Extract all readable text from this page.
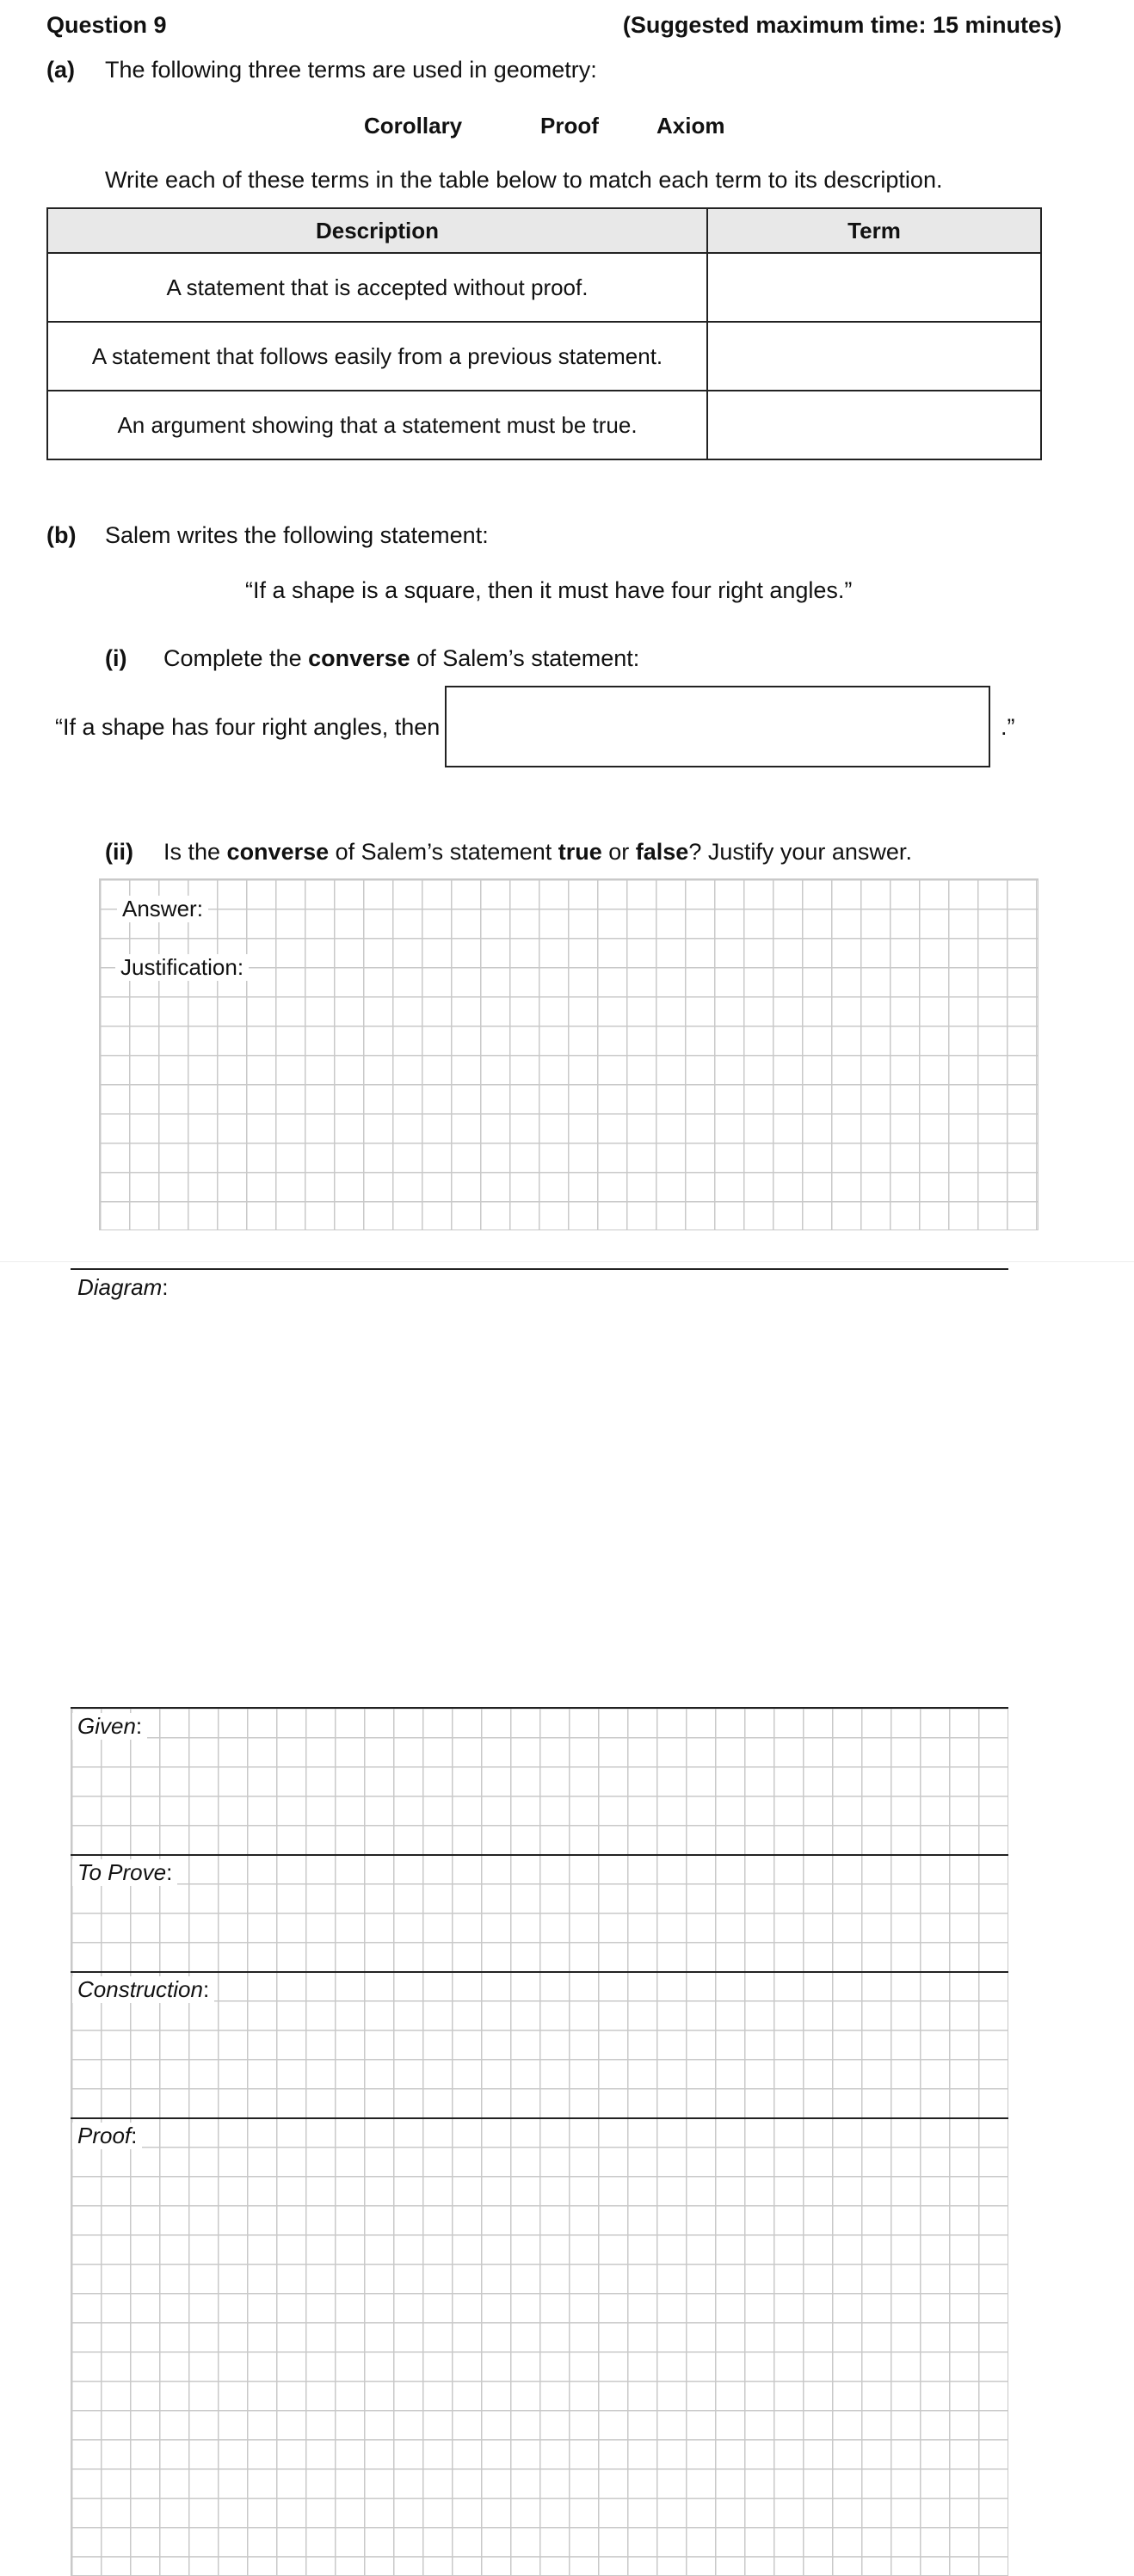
Question 9	(Suggested maximum time: 15 minutes)
(a) The following three terms are used in geometry:
Corollary	Proof	Axiom
Write each of these terms in the table below to match each term to its description.
Description	Term
A statement that is accepted without proof.	
A statement that follows easily from a previous statement.	
An argument showing that a statement must be true.	
(b) Salem writes the following statement:
“If a shape is a square, then it must have four right angles.”
(i) Complete the converse of Salem’s statement:
“If a shape has four right angles, then	.”
(ii) Is the converse of Salem’s statement true or false? Justify your answer.
Answer:
Justification:
Diagram:
Given:
To Prove:
Construction:
Proof:
